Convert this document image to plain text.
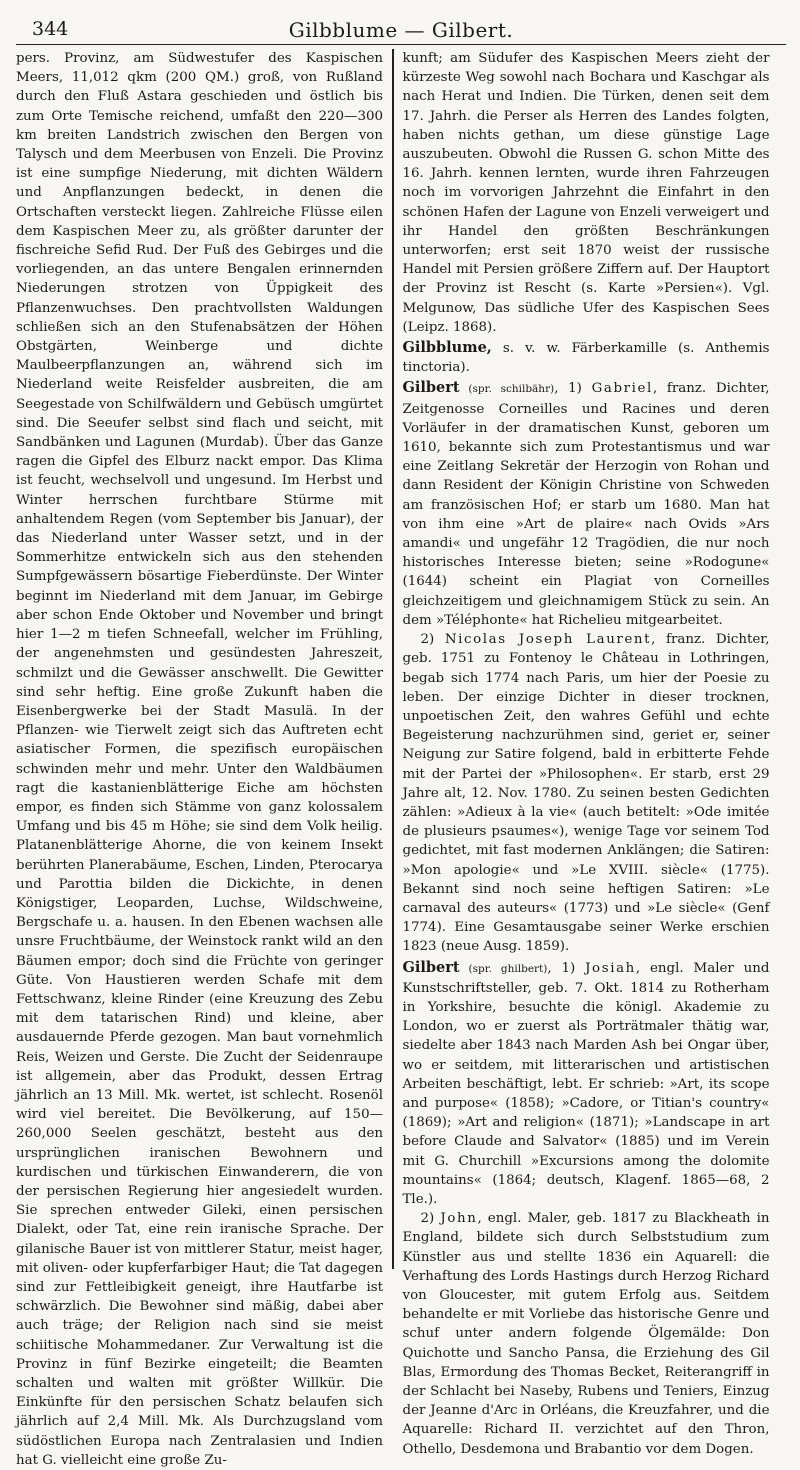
344	Gilbblume — Gilbert.

pers. Provinz, am Südwestufer des Kaspischen Meers, 11,012 qkm (200 QM.) groß, von Rußland durch den Fluß Astara geschieden und östlich bis zum Orte Temische reichend, umfaßt den 220—300 km breiten Landstrich zwischen den Bergen von Talysch und dem Meerbusen von Enzeli. Die Provinz ist eine sumpfige Niederung, mit dichten Wäldern und Anpflanzungen bedeckt, in denen die Ortschaften versteckt liegen. Zahlreiche Flüsse eilen dem Kaspischen Meer zu, als größter darunter der fischreiche Sefid Rud. Der Fuß des Gebirges und die vorliegenden, an das untere Bengalen erinnernden Niederungen strotzen von Üppigkeit des Pflanzenwuchses. Den prachtvollsten Waldungen schließen sich an den Stufenabsätzen der Höhen Obstgärten, Weinberge und dichte Maulbeerpflanzungen an, während sich im Niederland weite Reisfelder ausbreiten, die am Seegestade von Schilfwäldern und Gebüsch umgürtet sind. Die Seeufer selbst sind flach und seicht, mit Sandbänken und Lagunen (Murdab). Über das Ganze ragen die Gipfel des Elburz nackt empor. Das Klima ist feucht, wechselvoll und ungesund. Im Herbst und Winter herrschen furchtbare Stürme mit anhaltendem Regen (vom September bis Januar), der das Niederland unter Wasser setzt, und in der Sommerhitze entwickeln sich aus den stehenden Sumpfgewässern bösartige Fieberdünste. Der Winter beginnt im Niederland mit dem Januar, im Gebirge aber schon Ende Oktober und November und bringt hier 1—2 m tiefen Schneefall, welcher im Frühling, der angenehmsten und gesündesten Jahreszeit, schmilzt und die Gewässer anschwellt. Die Gewitter sind sehr heftig. Eine große Zukunft haben die Eisenbergwerke bei der Stadt Masulä. In der Pflanzen- wie Tierwelt zeigt sich das Auftreten echt asiatischer Formen, die spezifisch europäischen schwinden mehr und mehr. Unter den Waldbäumen ragt die kastanienblätterige Eiche am höchsten empor, es finden sich Stämme von ganz kolossalem Umfang und bis 45 m Höhe; sie sind dem Volk heilig. Platanenblätterige Ahorne, die von keinem Insekt berührten Planerabäume, Eschen, Linden, Pterocarya und Parottia bilden die Dickichte, in denen Königstiger, Leoparden, Luchse, Wildschweine, Bergschafe u. a. hausen. In den Ebenen wachsen alle unsre Fruchtbäume, der Weinstock rankt wild an den Bäumen empor; doch sind die Früchte von geringer Güte. Von Haustieren werden Schafe mit dem Fettschwanz, kleine Rinder (eine Kreuzung des Zebu mit dem tatarischen Rind) und kleine, aber ausdauernde Pferde gezogen. Man baut vornehmlich Reis, Weizen und Gerste. Die Zucht der Seidenraupe ist allgemein, aber das Produkt, dessen Ertrag jährlich an 13 Mill. Mk. wertet, ist schlecht. Rosenöl wird viel bereitet. Die Bevölkerung, auf 150—260,000 Seelen geschätzt, besteht aus den ursprünglichen iranischen Bewohnern und kurdischen und türkischen Einwanderern, die von der persischen Regierung hier angesiedelt wurden. Sie sprechen entweder Gileki, einen persischen Dialekt, oder Tat, eine rein iranische Sprache. Der gilanische Bauer ist von mittlerer Statur, meist hager, mit oliven- oder kupferfarbiger Haut; die Tat dagegen sind zur Fettleibigkeit geneigt, ihre Hautfarbe ist schwärzlich. Die Bewohner sind mäßig, dabei aber auch träge; der Religion nach sind sie meist schiitische Mohammedaner. Zur Verwaltung ist die Provinz in fünf Bezirke eingeteilt; die Beamten schalten und walten mit größter Willkür. Die Einkünfte für den persischen Schatz belaufen sich jährlich auf 2,4 Mill. Mk. Als Durchzugsland vom südöstlichen Europa nach Zentralasien und Indien hat G. vielleicht eine große Zu-

kunft; am Südufer des Kaspischen Meers zieht der kürzeste Weg sowohl nach Bochara und Kaschgar als nach Herat und Indien. Die Türken, denen seit dem 17. Jahrh. die Perser als Herren des Landes folgten, haben nichts gethan, um diese günstige Lage auszubeuten. Obwohl die Russen G. schon Mitte des 16. Jahrh. kennen lernten, wurde ihren Fahrzeugen noch im vorvorigen Jahrzehnt die Einfahrt in den schönen Hafen der Lagune von Enzeli verweigert und ihr Handel den größten Beschränkungen unterworfen; erst seit 1870 weist der russische Handel mit Persien größere Ziffern auf. Der Hauptort der Provinz ist Rescht (s. Karte »Persien«). Vgl. Melgunow, Das südliche Ufer des Kaspischen Sees (Leipz. 1868).

Gilbblume, s. v. w. Färberkamille (s. Anthemis tinctoria).

Gilbert (spr. schilbähr), 1) Gabriel, franz. Dichter, Zeitgenosse Corneilles und Racines und deren Vorläufer in der dramatischen Kunst, geboren um 1610, bekannte sich zum Protestantismus und war eine Zeitlang Sekretär der Herzogin von Rohan und dann Resident der Königin Christine von Schweden am französischen Hof; er starb um 1680. Man hat von ihm eine »Art de plaire« nach Ovids »Ars amandi« und ungefähr 12 Tragödien, die nur noch historisches Interesse bieten; seine »Rodogune« (1644) scheint ein Plagiat von Corneilles gleichzeitigem und gleichnamigem Stück zu sein. An dem »Téléphonte« hat Richelieu mitgearbeitet.

2) Nicolas Joseph Laurent, franz. Dichter, geb. 1751 zu Fontenoy le Château in Lothringen, begab sich 1774 nach Paris, um hier der Poesie zu leben. Der einzige Dichter in dieser trocknen, unpoetischen Zeit, den wahres Gefühl und echte Begeisterung nachzurühmen sind, geriet er, seiner Neigung zur Satire folgend, bald in erbitterte Fehde mit der Partei der »Philosophen«. Er starb, erst 29 Jahre alt, 12. Nov. 1780. Zu seinen besten Gedichten zählen: »Adieux à la vie« (auch betitelt: »Ode imitée de plusieurs psaumes«), wenige Tage vor seinem Tod gedichtet, mit fast modernen Anklängen; die Satiren: »Mon apologie« und »Le XVIII. siècle« (1775). Bekannt sind noch seine heftigen Satiren: »Le carnaval des auteurs« (1773) und »Le siècle« (Genf 1774). Eine Gesamtausgabe seiner Werke erschien 1823 (neue Ausg. 1859).

Gilbert (spr. ghilbert), 1) Josiah, engl. Maler und Kunstschriftsteller, geb. 7. Okt. 1814 zu Rotherham in Yorkshire, besuchte die königl. Akademie zu London, wo er zuerst als Porträtmaler thätig war, siedelte aber 1843 nach Marden Ash bei Ongar über, wo er seitdem, mit litterarischen und artistischen Arbeiten beschäftigt, lebt. Er schrieb: »Art, its scope and purpose« (1858); »Cadore, or Titian's country« (1869); »Art and religion« (1871); »Landscape in art before Claude and Salvator« (1885) und im Verein mit G. Churchill »Excursions among the dolomite mountains« (1864; deutsch, Klagenf. 1865—68, 2 Tle.).

2) John, engl. Maler, geb. 1817 zu Blackheath in England, bildete sich durch Selbststudium zum Künstler aus und stellte 1836 ein Aquarell: die Verhaftung des Lords Hastings durch Herzog Richard von Gloucester, mit gutem Erfolg aus. Seitdem behandelte er mit Vorliebe das historische Genre und schuf unter andern folgende Ölgemälde: Don Quichotte und Sancho Pansa, die Erziehung des Gil Blas, Ermordung des Thomas Becket, Reiterangriff in der Schlacht bei Naseby, Rubens und Teniers, Einzug der Jeanne d'Arc in Orléans, die Kreuzfahrer, und die Aquarelle: Richard II. verzichtet auf den Thron, Othello, Desdemona und Brabantio vor dem Dogen.
